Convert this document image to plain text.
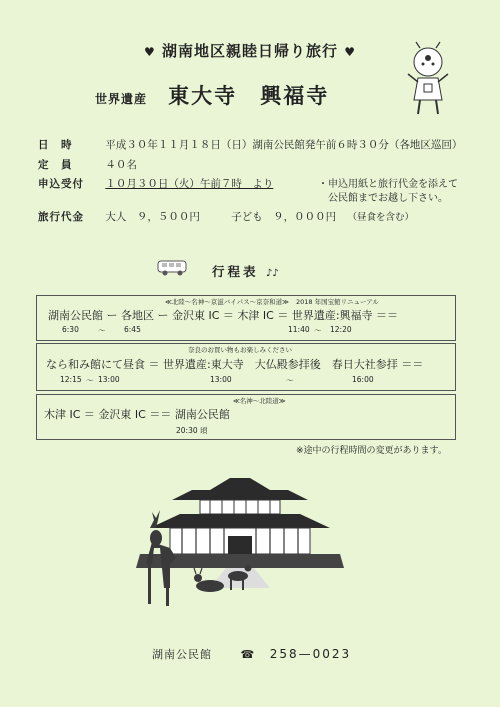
♥ 湖南地区親睦日帰り旅行 ♥
世界遺産 東大寺 興福寺
日　時	平成３０年１１月１８日（日）湖南公民館発午前６時３０分（各地区巡回）
定　員	４０名
申込受付 １０月３０日（火）午前７時　より	・申込用紙と旅行代金を添えて
公民館までお越し下さい。
旅行代金 大人　９，５００円	子ども　９，０００円 （昼食を含む）
行程表 ♪♪
≪北陸〜名神〜京滋バイパス〜京奈和道≫ 2018 年国宝館リニューアル
湖南公民館 ー 各地区 ー 金沢東 IC ＝ 木津 IC ＝ 世界遺産:興福寺 ＝＝
6:30	〜 6:45	11:40 〜 12:20
奈良のお買い物もお楽しみください
なら和み館にて昼食 ＝ 世界遺産:東大寺　大仏殿参拝後　春日大社参拝 ＝＝
12:15 〜 13:00	13:00	〜	16:00
≪名神〜北陸道≫
木津 IC ＝ 金沢東 IC ＝＝ 湖南公民館
20:30 頃
※途中の行程時間の変更があります。
湖南公民館	☎ 258—0023
